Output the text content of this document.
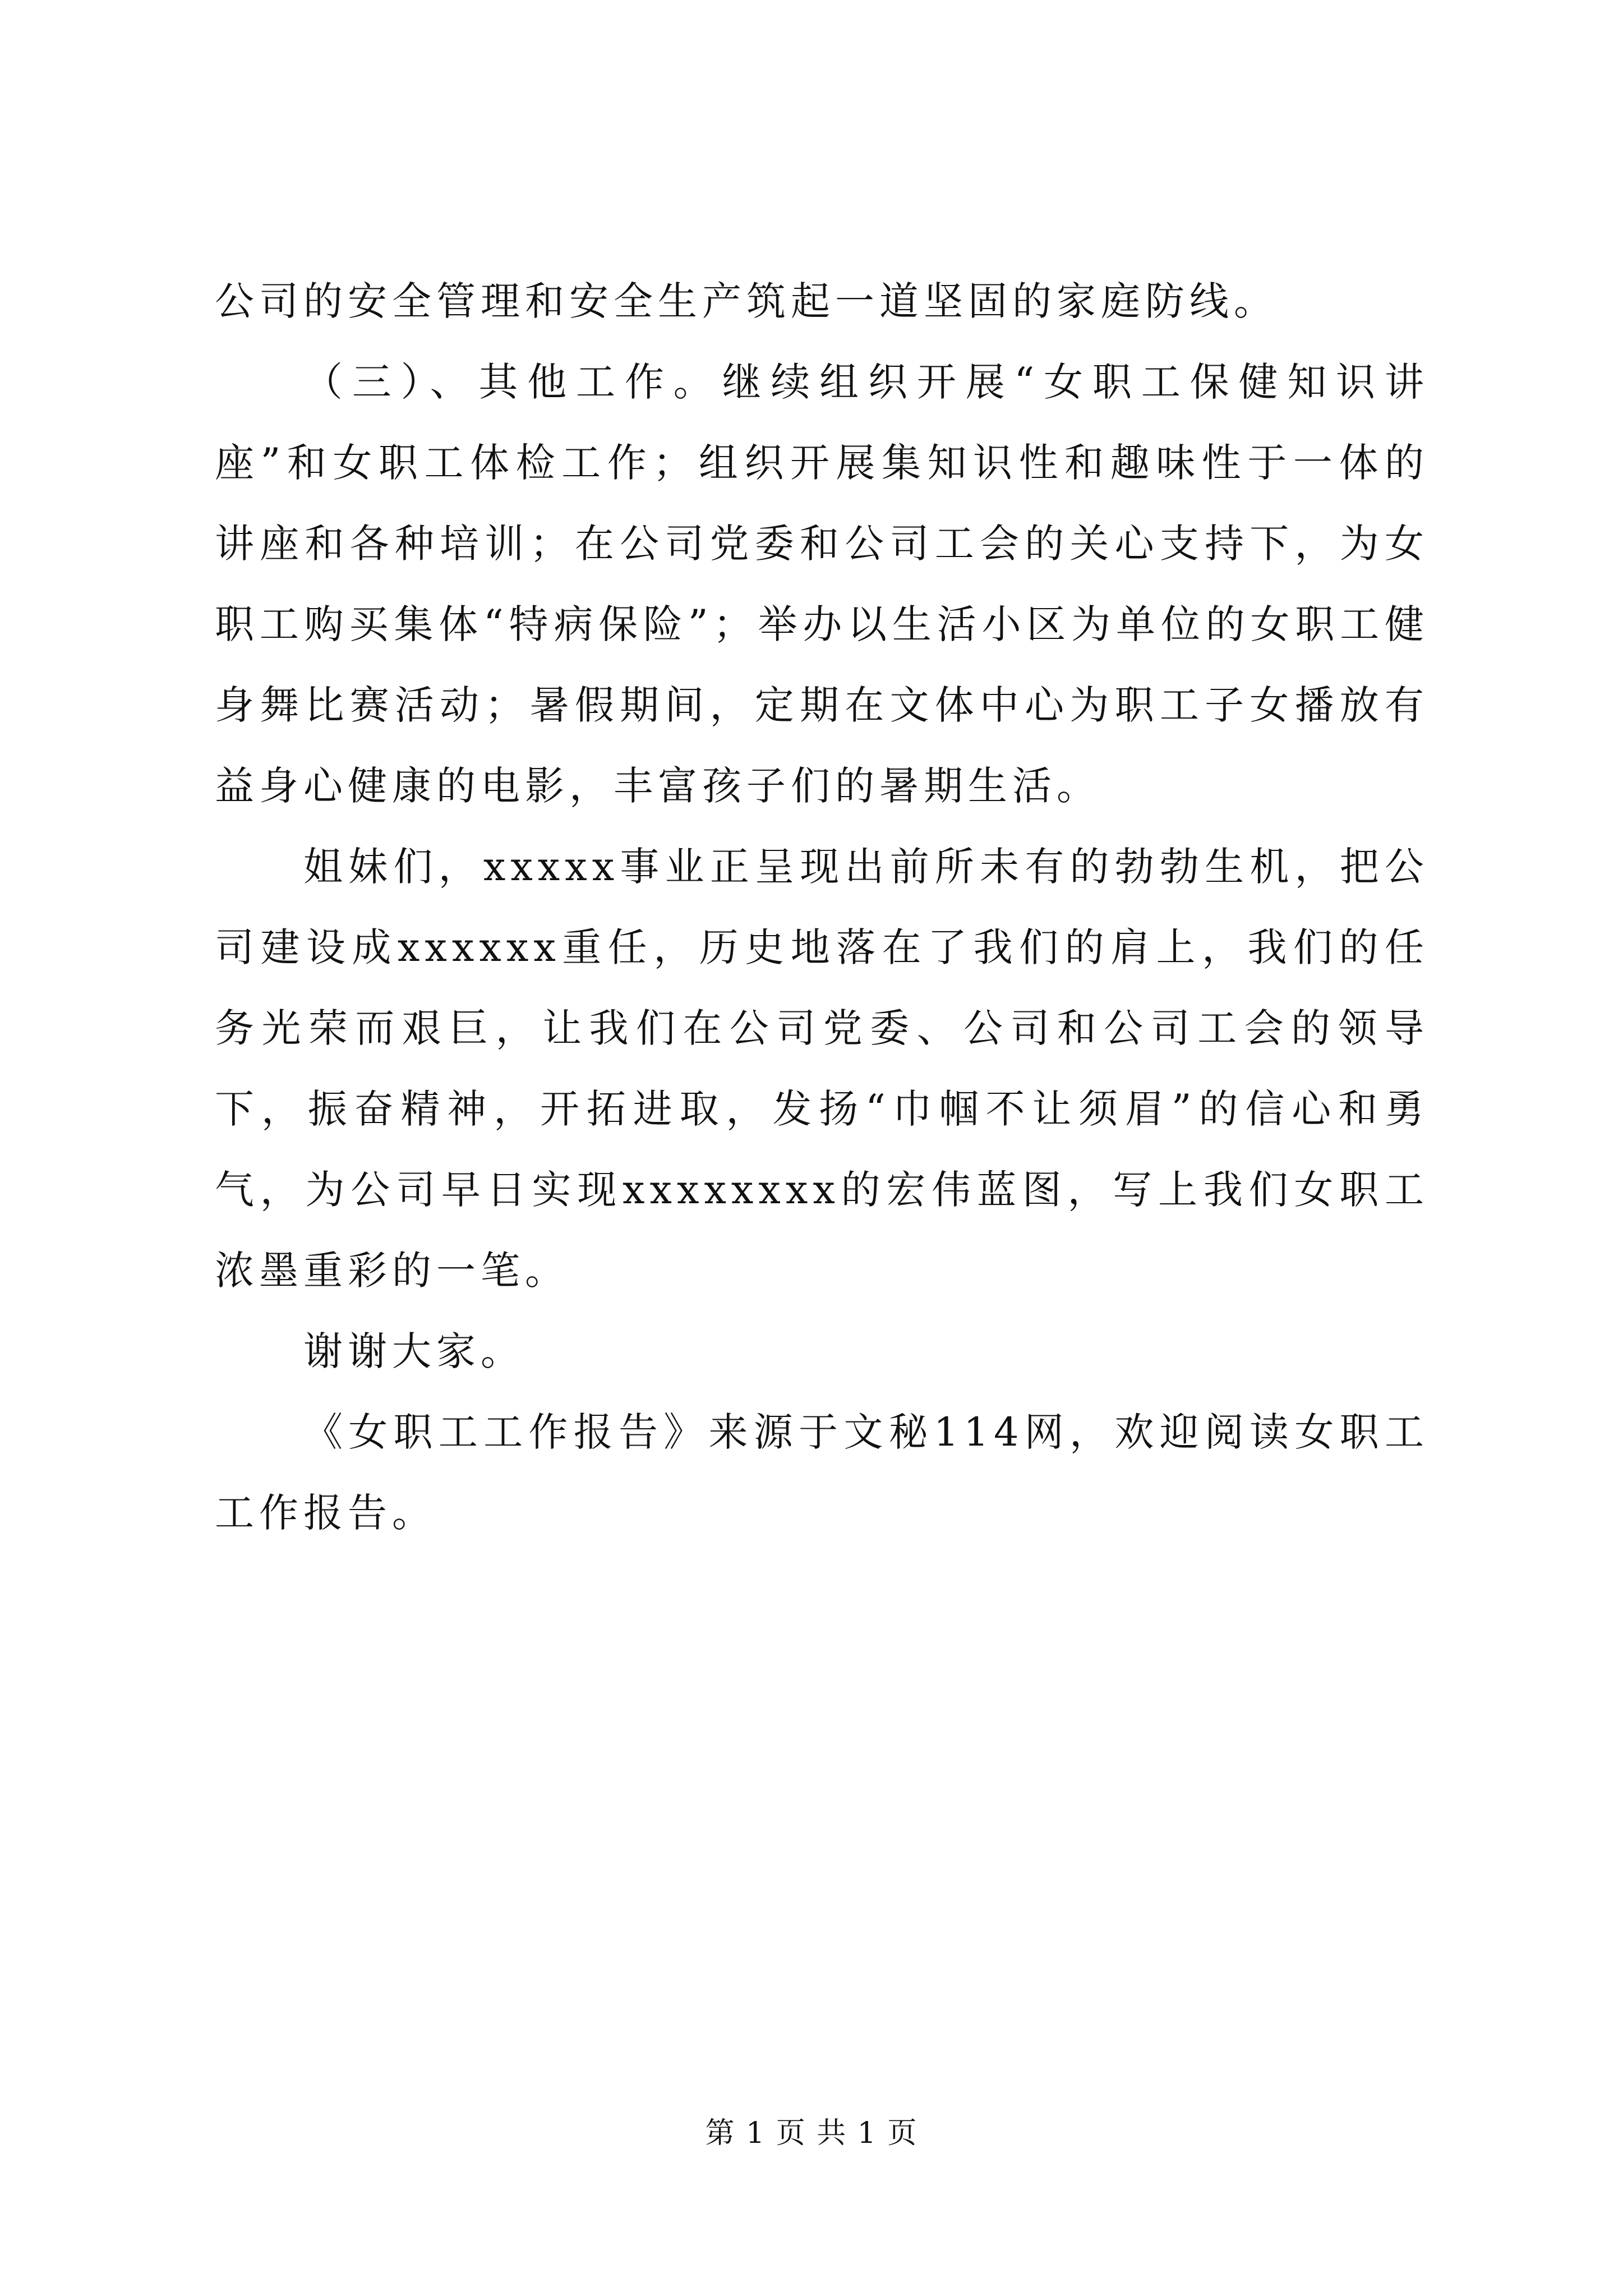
公司的安全管理和安全生产筑起一道坚固的家庭防线。

（三）、其他工作。继续组织开展“女职工保健知识讲座”和女职工体检工作；组织开展集知识性和趣味性于一体的讲座和各种培训；在公司党委和公司工会的关心支持下，为女职工购买集体“特病保险”；举办以生活小区为单位的女职工健身舞比赛活动；暑假期间，定期在文体中心为职工子女播放有益身心健康的电影，丰富孩子们的暑期生活。

姐妹们，xxxxx事业正呈现出前所未有的勃勃生机，把公司建设成xxxxxx重任，历史地落在了我们的肩上，我们的任务光荣而艰巨，让我们在公司党委、公司和公司工会的领导下，振奋精神，开拓进取，发扬“巾帼不让须眉”的信心和勇气，为公司早日实现xxxxxxxx的宏伟蓝图，写上我们女职工浓墨重彩的一笔。

谢谢大家。

《女职工工作报告》来源于文秘114网，欢迎阅读女职工工作报告。

第 1 页 共 1 页
